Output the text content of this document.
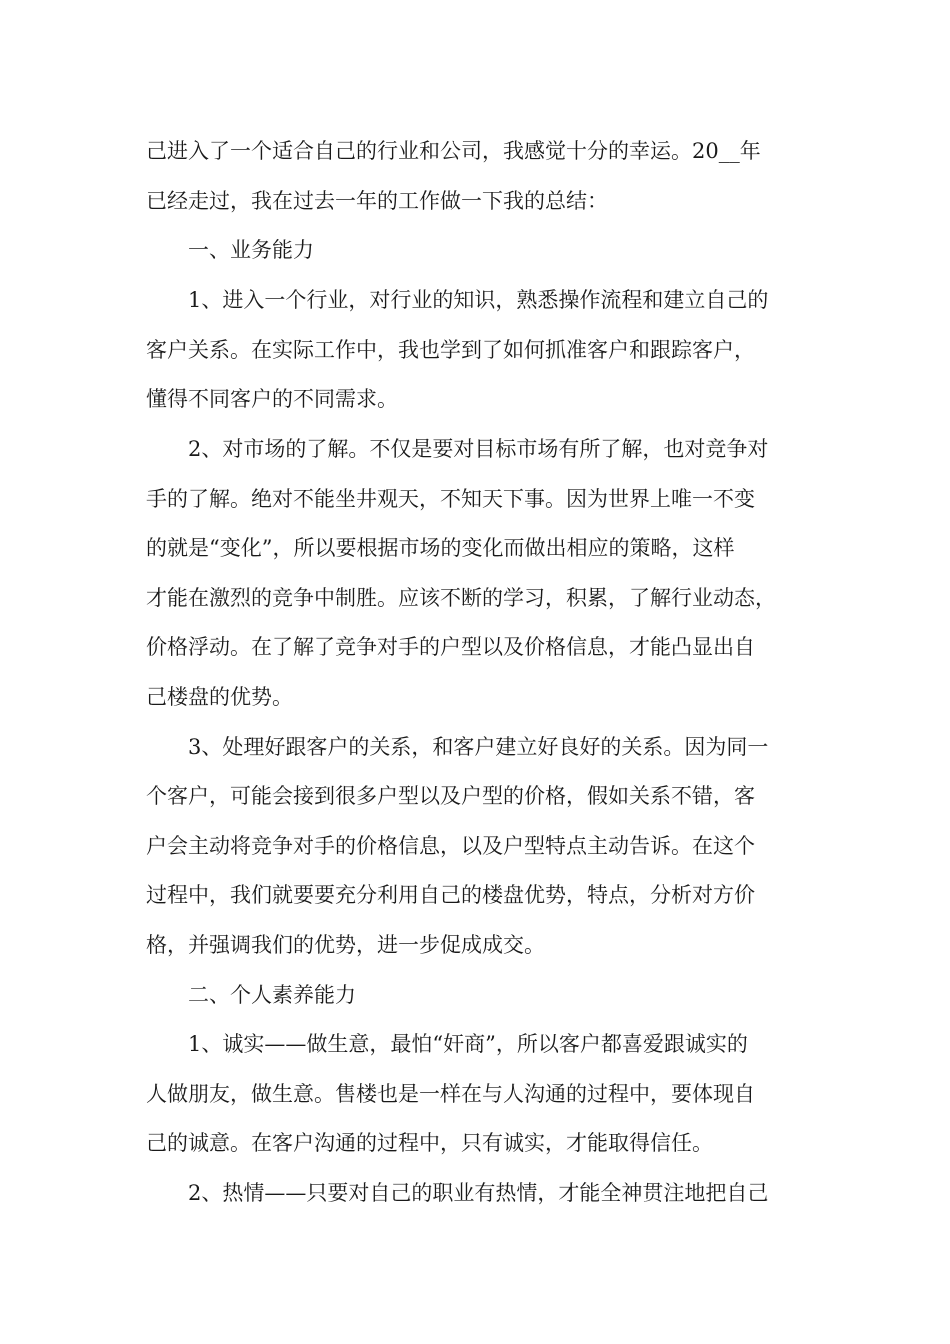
己进入了一个适合自己的行业和公司，我感觉十分的幸运。20__年

已经走过，我在过去一年的工作做一下我的总结：

一、业务能力

1、进入一个行业，对行业的知识，熟悉操作流程和建立自己的

客户关系。在实际工作中，我也学到了如何抓准客户和跟踪客户，

懂得不同客户的不同需求。

2、对市场的了解。不仅是要对目标市场有所了解，也对竞争对

手的了解。绝对不能坐井观天，不知天下事。因为世界上唯一不变

的就是“变化”，所以要根据市场的变化而做出相应的策略，这样

才能在激烈的竞争中制胜。应该不断的学习，积累，了解行业动态，

价格浮动。在了解了竞争对手的户型以及价格信息，才能凸显出自

己楼盘的优势。

3、处理好跟客户的关系，和客户建立好良好的关系。因为同一

个客户，可能会接到很多户型以及户型的价格，假如关系不错，客

户会主动将竞争对手的价格信息，以及户型特点主动告诉。在这个

过程中，我们就要要充分利用自己的楼盘优势，特点，分析对方价

格，并强调我们的优势，进一步促成成交。

二、个人素养能力

1、诚实——做生意，最怕“奸商”，所以客户都喜爱跟诚实的

人做朋友，做生意。售楼也是一样在与人沟通的过程中，要体现自

己的诚意。在客户沟通的过程中，只有诚实，才能取得信任。

2、热情——只要对自己的职业有热情，才能全神贯注地把自己
